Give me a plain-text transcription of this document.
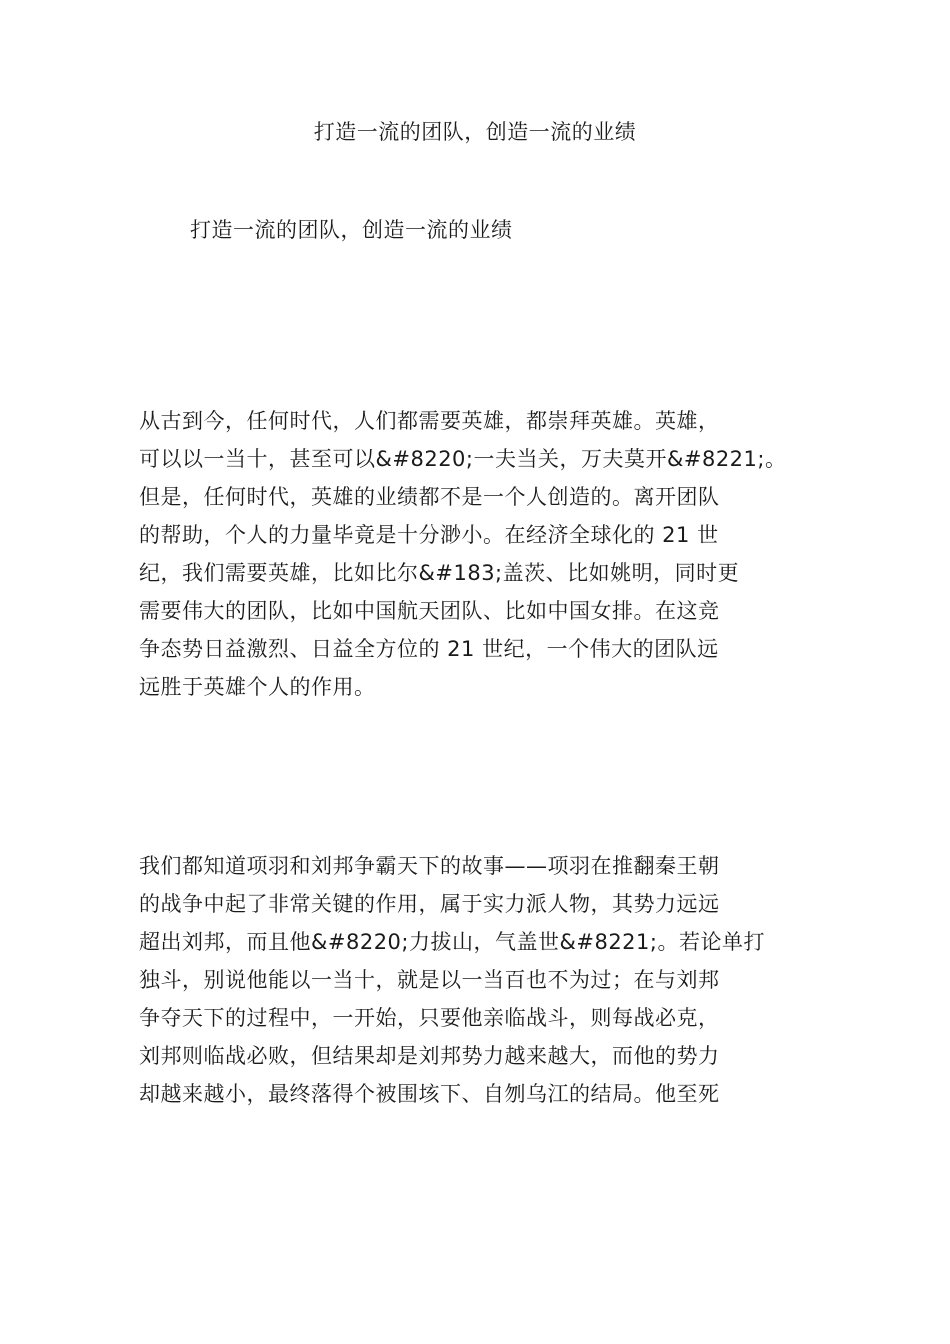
打造一流的团队，创造一流的业绩
打造一流的团队，创造一流的业绩
从古到今，任何时代，人们都需要英雄，都崇拜英雄。英雄，
可以以一当十，甚至可以&#8220;一夫当关，万夫莫开&#8221;。
但是，任何时代，英雄的业绩都不是一个人创造的。离开团队
的帮助，个人的力量毕竟是十分渺小。在经济全球化的 21 世
纪，我们需要英雄，比如比尔&#183;盖茨、比如姚明，同时更
需要伟大的团队，比如中国航天团队、比如中国女排。在这竞
争态势日益激烈、日益全方位的 21 世纪，一个伟大的团队远
远胜于英雄个人的作用。
我们都知道项羽和刘邦争霸天下的故事——项羽在推翻秦王朝
的战争中起了非常关键的作用，属于实力派人物，其势力远远
超出刘邦，而且他&#8220;力拔山，气盖世&#8221;。若论单打
独斗，别说他能以一当十，就是以一当百也不为过；在与刘邦
争夺天下的过程中，一开始，只要他亲临战斗，则每战必克，
刘邦则临战必败，但结果却是刘邦势力越来越大，而他的势力
却越来越小，最终落得个被围垓下、自刎乌江的结局。他至死
